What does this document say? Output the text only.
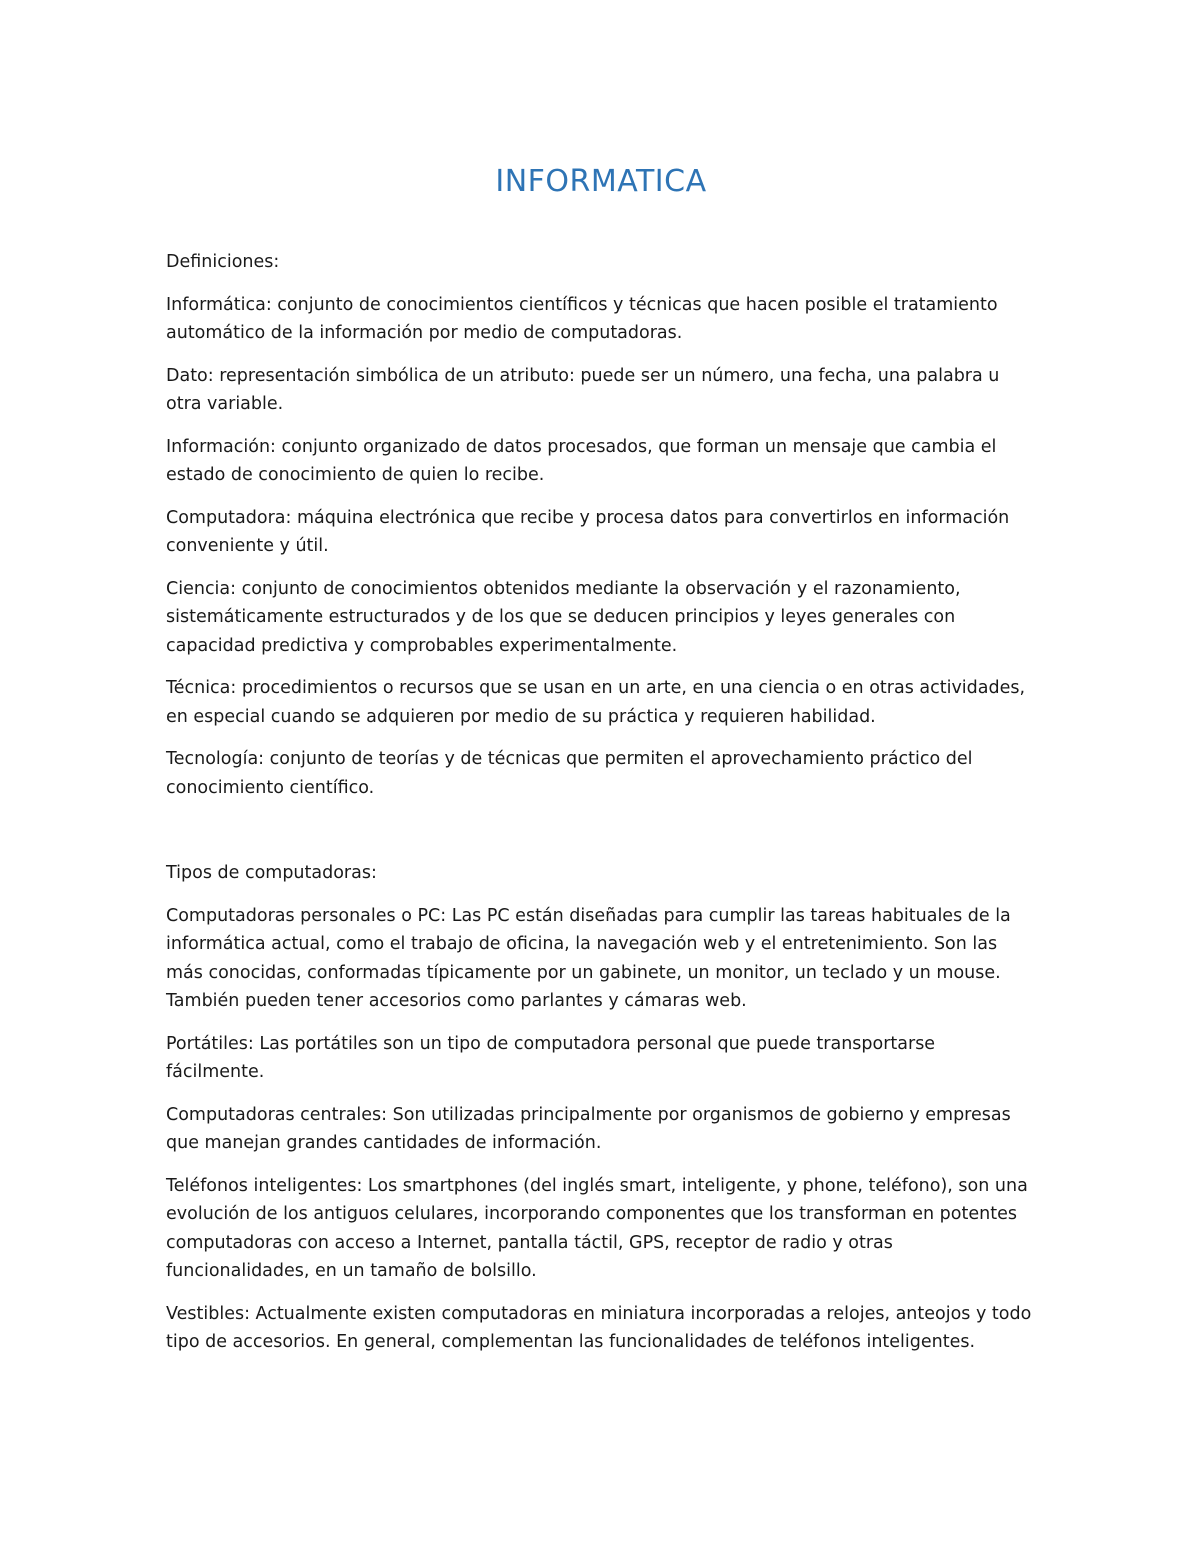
INFORMATICA

Definiciones:

Informática: conjunto de conocimientos científicos y técnicas que hacen posible el tratamiento automático de la información por medio de computadoras.

Dato: representación simbólica de un atributo: puede ser un número, una fecha, una palabra u otra variable.

Información: conjunto organizado de datos procesados, que forman un mensaje que cambia el estado de conocimiento de quien lo recibe.

Computadora: máquina electrónica que recibe y procesa datos para convertirlos en información conveniente y útil.

Ciencia: conjunto de conocimientos obtenidos mediante la observación y el razonamiento, sistemáticamente estructurados y de los que se deducen principios y leyes generales con capacidad predictiva y comprobables experimentalmente.

Técnica: procedimientos o recursos que se usan en un arte, en una ciencia o en otras actividades, en especial cuando se adquieren por medio de su práctica y requieren habilidad.

Tecnología: conjunto de teorías y de técnicas que permiten el aprovechamiento práctico del conocimiento científico.

Tipos de computadoras:

Computadoras personales o PC: Las PC están diseñadas para cumplir las tareas habituales de la informática actual, como el trabajo de oficina, la navegación web y el entretenimiento. Son las más conocidas, conformadas típicamente por un gabinete, un monitor, un teclado y un mouse. También pueden tener accesorios como parlantes y cámaras web.

Portátiles: Las portátiles son un tipo de computadora personal que puede transportarse fácilmente.

Computadoras centrales: Son utilizadas principalmente por organismos de gobierno y empresas que manejan grandes cantidades de información.

Teléfonos inteligentes: Los smartphones (del inglés smart, inteligente, y phone, teléfono), son una evolución de los antiguos celulares, incorporando componentes que los transforman en potentes computadoras con acceso a Internet, pantalla táctil, GPS, receptor de radio y otras funcionalidades, en un tamaño de bolsillo.

Vestibles: Actualmente existen computadoras en miniatura incorporadas a relojes, anteojos y todo tipo de accesorios. En general, complementan las funcionalidades de teléfonos inteligentes.
